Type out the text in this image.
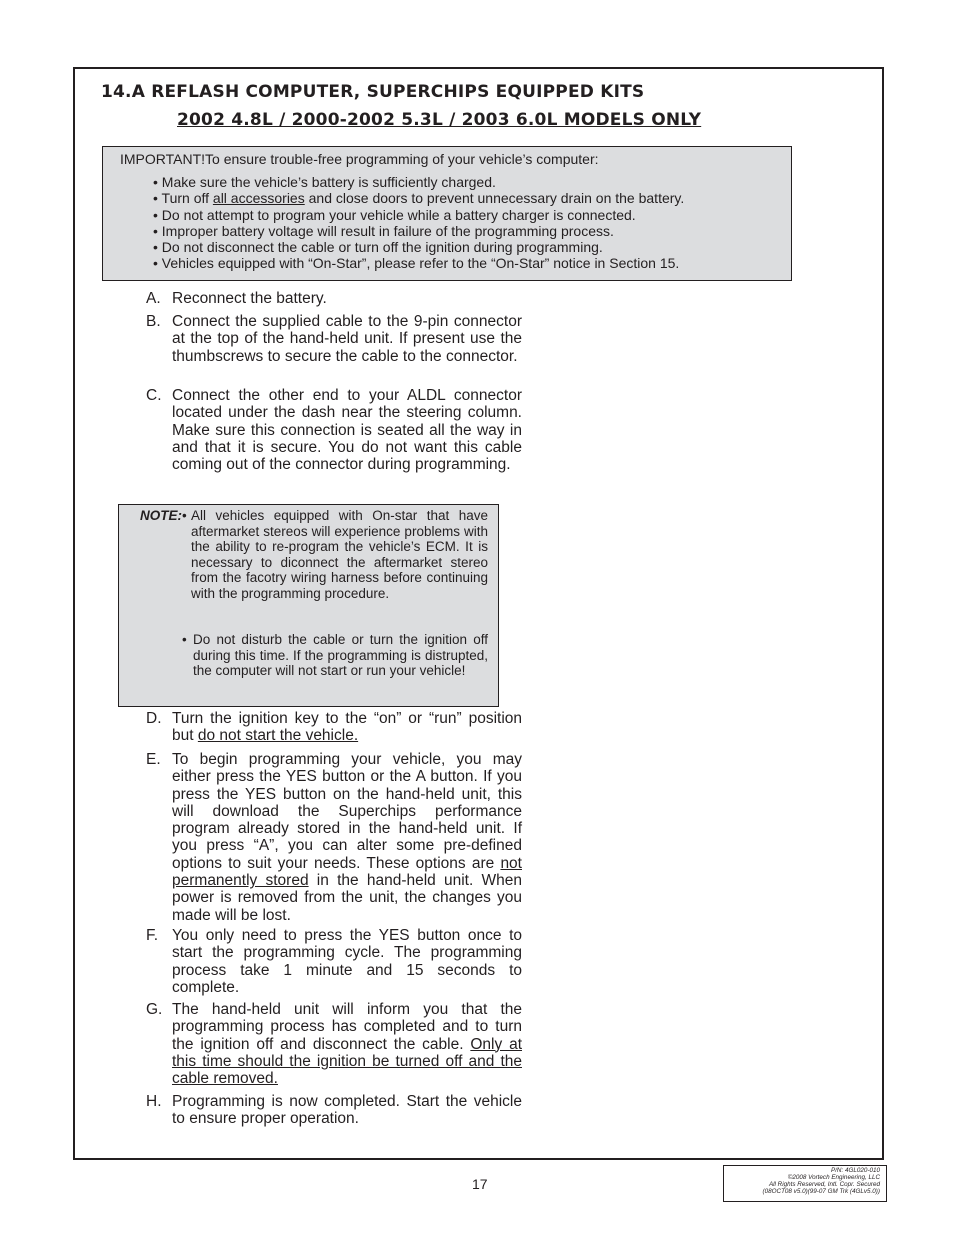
14.A REFLASH COMPUTER, SUPERCHIPS EQUIPPED KITS
2002 4.8L / 2000-2002 5.3L / 2003 6.0L MODELS ONLY
IMPORTANT!To ensure trouble-free programming of your vehicle’s computer:
• Make sure the vehicle’s battery is sufficiently charged.
• Turn off all accessories and close doors to prevent unnecessary drain on the battery.
• Do not attempt to program your vehicle while a battery charger is connected.
• Improper battery voltage will result in failure of the programming process.
• Do not disconnect the cable or turn off the ignition during programming.
• Vehicles equipped with “On-Star”, please refer to the “On-Star” notice in Section 15.
A. Reconnect the battery.
B. Connect the supplied cable to the 9-pin connector at the top of the hand-held unit. If present use the thumbscrews to secure the cable to the connector.
C. Connect the other end to your ALDL connector located under the dash near the steering column. Make sure this connection is seated all the way in and that it is secure. You do not want this cable coming out of the connector during programming.
NOTE: • All vehicles equipped with On-star that have aftermarket stereos will experience problems with the ability to re-program the vehicle’s ECM. It is necessary to diconnect the aftermarket stereo from the facotry wiring harness before continuing with the programming procedure.
• Do not disturb the cable or turn the ignition off during this time. If the programming is distrupted, the computer will not start or run your vehicle!
D. Turn the ignition key to the “on” or “run” position but do not start the vehicle.
E. To begin programming your vehicle, you may either press the YES button or the A button. If you press the YES button on the hand-held unit, this will download the Superchips performance program already stored in the hand-held unit. If you press “A”, you can alter some pre-defined options to suit your needs. These options are not permanently stored in the hand-held unit. When power is removed from the unit, the changes you made will be lost.
F. You only need to press the YES button once to start the programming cycle. The programming process take 1 minute and 15 seconds to complete.
G. The hand-held unit will inform you that the programming process has completed and to turn the ignition off and disconnect the cable. Only at this time should the ignition be turned off and the cable removed.
H. Programming is now completed. Start the vehicle to ensure proper operation.
17
P/N: 4GL020-010
©2008 Vortech Engineering, LLC
All Rights Reserved, Intl. Copr. Secured
(08OCT08 v5.0)(99-07 GM Trk (4GLv5.0))
